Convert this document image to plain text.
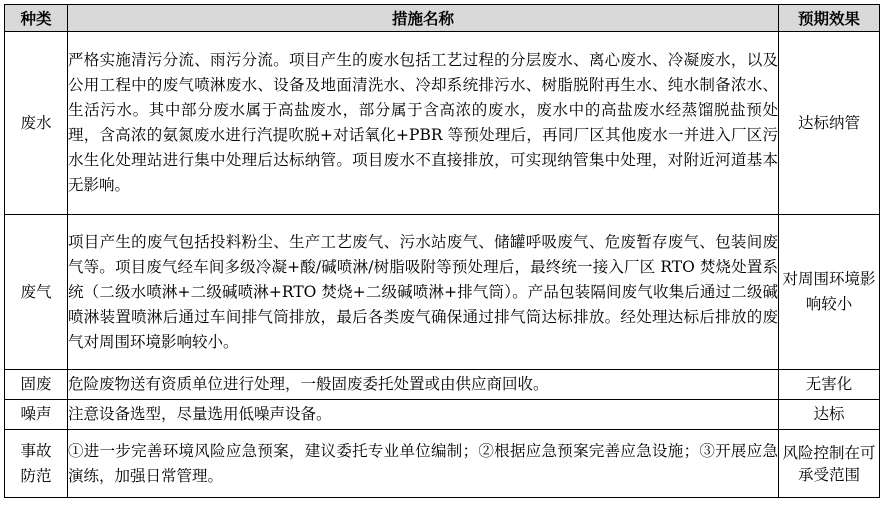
种类	措施名称	预期效果
废水	严格实施清污分流、雨污分流。项目产生的废水包括工艺过程的分层废水、离心废水、冷凝废水，以及公用工程中的废气喷淋废水、设备及地面清洗水、冷却系统排污水、树脂脱附再生水、纯水制备浓水、生活污水。其中部分废水属于高盐废水，部分属于含高浓的废水，废水中的高盐废水经蒸馏脱盐预处理，含高浓的氨氮废水进行汽提吹脱+对话氧化+PBR 等预处理后，再同厂区其他废水一并进入厂区污水生化处理站进行集中处理后达标纳管。项目废水不直接排放，可实现纳管集中处理，对附近河道基本无影响。	达标纳管
废气	项目产生的废气包括投料粉尘、生产工艺废气、污水站废气、储罐呼吸废气、危废暂存废气、包装间废气等。项目废气经车间多级冷凝+酸/碱喷淋/树脂吸附等预处理后，最终统一接入厂区 RTO 焚烧处置系统（二级水喷淋+二级碱喷淋+RTO 焚烧+二级碱喷淋+排气筒）。产品包装隔间废气收集后通过二级碱喷淋装置喷淋后通过车间排气筒排放，最后各类废气确保通过排气筒达标排放。经处理达标后排放的废气对周围环境影响较小。	对周围环境影响较小
固废	危险废物送有资质单位进行处理，一般固废委托处置或由供应商回收。	无害化
噪声	注意设备选型，尽量选用低噪声设备。	达标
事故防范	①进一步完善环境风险应急预案，建议委托专业单位编制；②根据应急预案完善应急设施；③开展应急演练，加强日常管理。	风险控制在可承受范围
